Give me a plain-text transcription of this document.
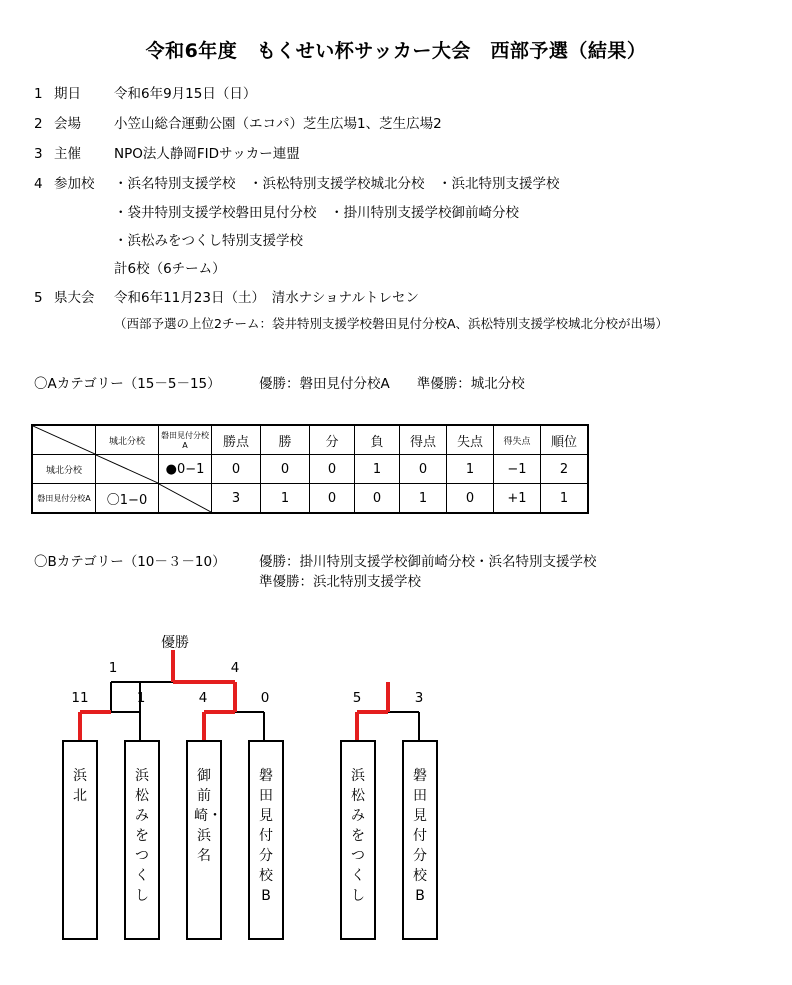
令和6年度　もくせい杯サッカー大会　西部予選（結果）
1 期日 令和6年9月15日（日）
2 会場 小笠山総合運動公園（エコパ）芝生広場1、芝生広場2
3 主催 NPO法人静岡FIDサッカー連盟
4 参加校 ・浜名特別支援学校　・浜松特別支援学校城北分校　・浜北特別支援学校
・袋井特別支援学校磐田見付分校　・掛川特別支援学校御前崎分校
・浜松みをつくし特別支援学校
計6校（6チーム）
5 県大会 令和6年11月23日（土）　清水ナショナルトレセン
（西部予選の上位2チーム：袋井特別支援学校磐田見付分校A、浜松特別支援学校城北分校が出場）
〇Aカテゴリー（15－5－15）	優勝：磐田見付分校A　　準優勝：城北分校
	城北分校	磐田見付分校A	勝点	勝	分	負	得点	失点	得失点	順位
城北分校		●0−1	0	0	0	1	0	1	−1	2
磐田見付分校A	〇1−0		3	1	0	0	1	0	+1	1
〇Bカテゴリー（10－３－10） 優勝：掛川特別支援学校御前崎分校・浜名特別支援学校
準優勝：浜北特別支援学校
優勝
1	4
11	1	4	0	5	3
浜北
浜松みをつくし
御前崎・浜名
磐田見付分校B
浜松みをつくし
磐田見付分校B
